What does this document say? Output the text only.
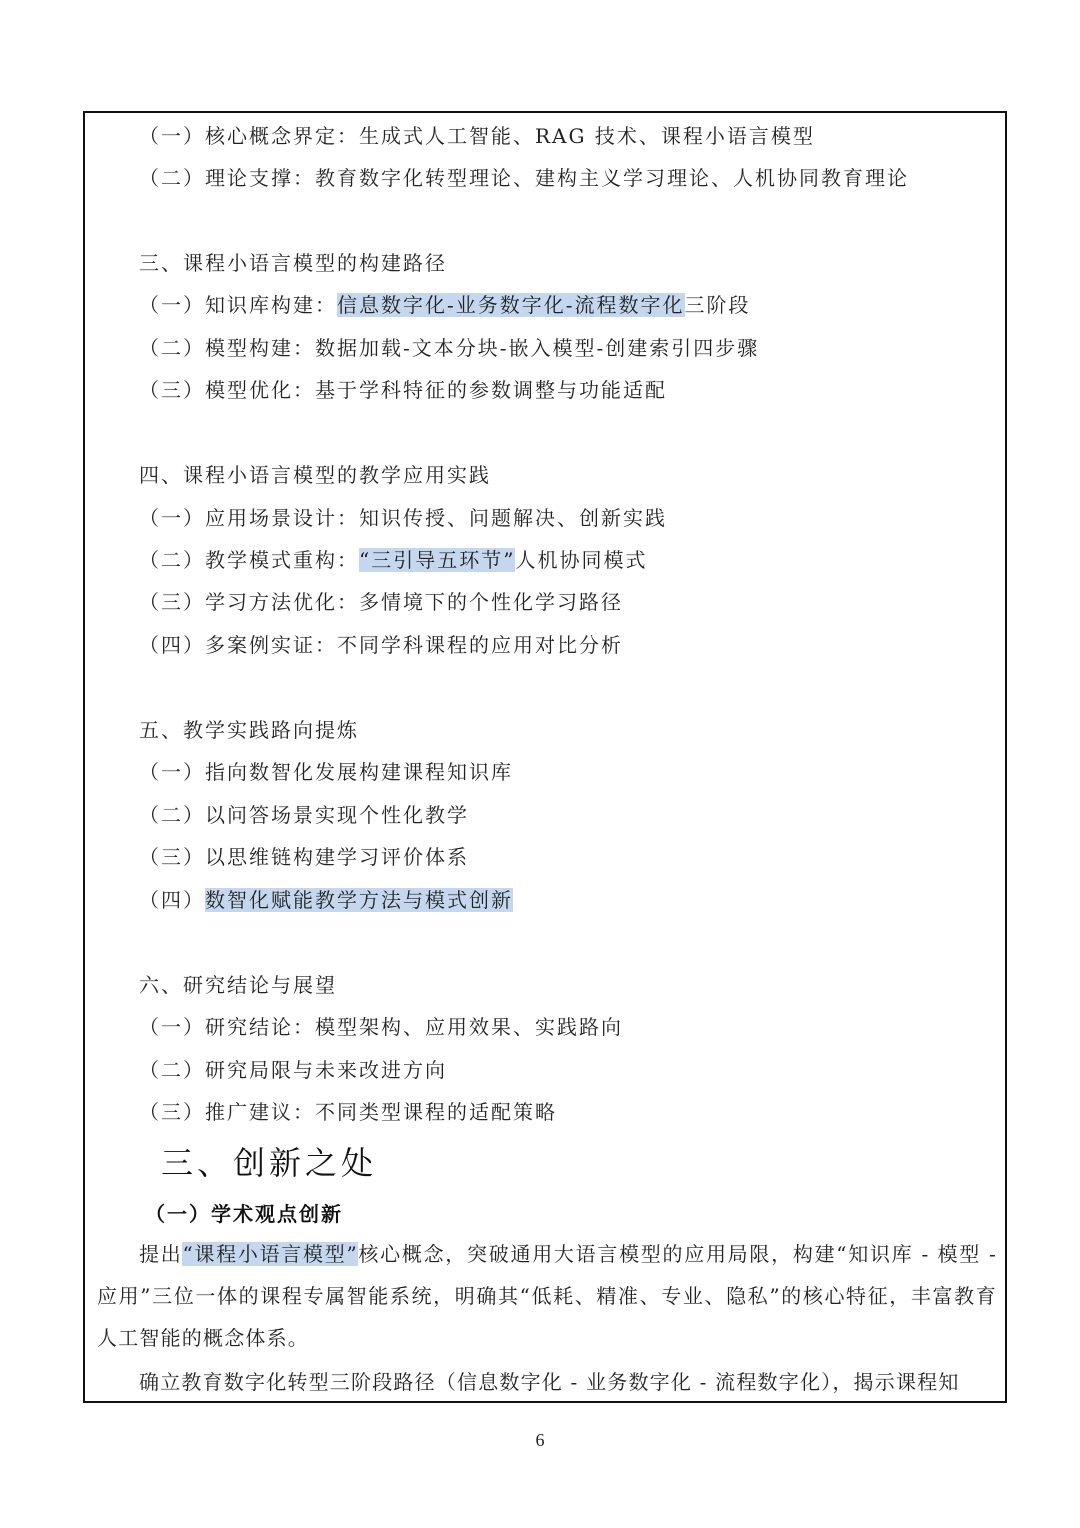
（一）核心概念界定：生成式人工智能、RAG 技术、课程小语言模型
（二）理论支撑：教育数字化转型理论、建构主义学习理论、人机协同教育理论
三、课程小语言模型的构建路径
（一）知识库构建：信息数字化-业务数字化-流程数字化三阶段
（二）模型构建：数据加载-文本分块-嵌入模型-创建索引四步骤
（三）模型优化：基于学科特征的参数调整与功能适配
四、课程小语言模型的教学应用实践
（一）应用场景设计：知识传授、问题解决、创新实践
（二）教学模式重构：“三引导五环节”人机协同模式
（三）学习方法优化：多情境下的个性化学习路径
（四）多案例实证：不同学科课程的应用对比分析
五、教学实践路向提炼
（一）指向数智化发展构建课程知识库
（二）以问答场景实现个性化教学
（三）以思维链构建学习评价体系
（四）数智化赋能教学方法与模式创新
六、研究结论与展望
（一）研究结论：模型架构、应用效果、实践路向
（二）研究局限与未来改进方向
（三）推广建议：不同类型课程的适配策略
三、创新之处
（一）学术观点创新
提出“课程小语言模型”核心概念，突破通用大语言模型的应用局限，构建“知识库 - 模型 - 应用”三位一体的课程专属智能系统，明确其“低耗、精准、专业、隐私”的核心特征，丰富教育人工智能的概念体系。
确立教育数字化转型三阶段路径（信息数字化 - 业务数字化 - 流程数字化），揭示课程知
6
